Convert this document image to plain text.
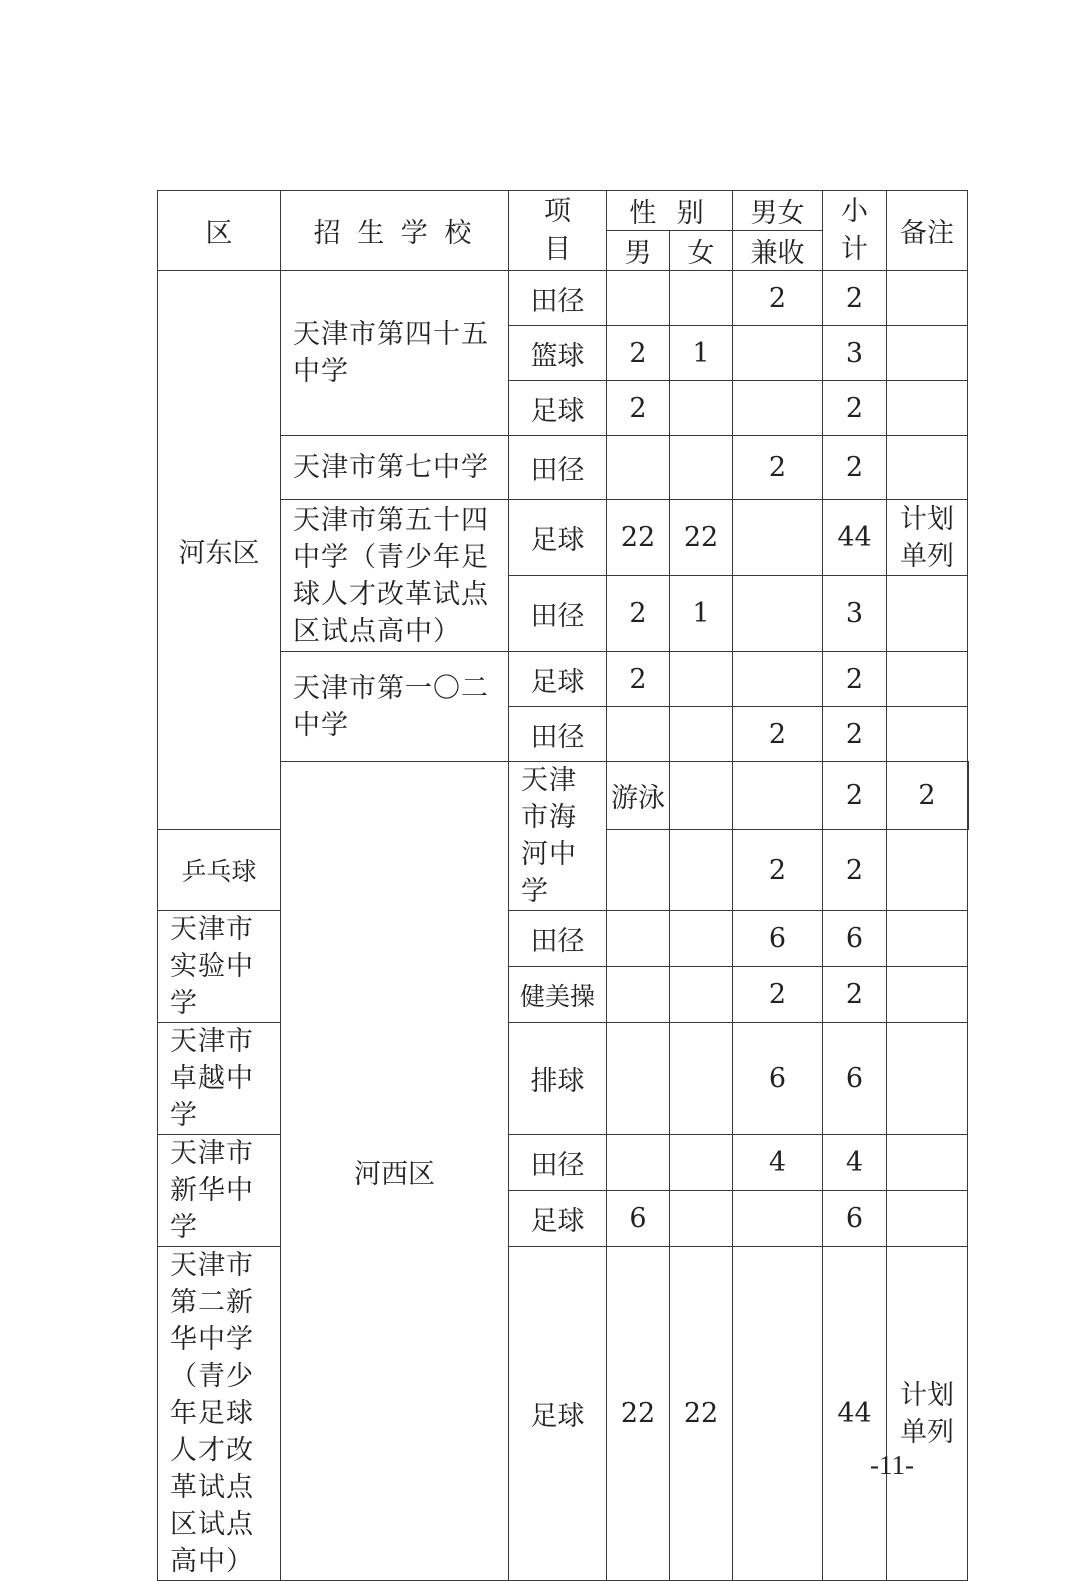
区	招 生 学 校	项目	性 别		男女	小计	备注	
			男	女	兼收			
河东区	天津市第四十五中学	田径			2	2		
		篮球	2	1		3		
		足球	2			2		
	天津市第七中学	田径			2	2		
	天津市第五十四中学（青少年足球人才改革试点区试点高中）	足球	22	22		44	计划单列	
		田径	2	1		3		
	天津市第一〇二中学	足球	2			2		
		田径			2	2		
	河西区	天津市海河中学	游泳			2	2	
乒乓球					2	2		
天津市实验中学		田径			6	6		
		健美操			2	2		
天津市卓越中学		排球			6	6		
天津市新华中学		田径			4	4		
		足球	6			6		
天津市第二新华中学（青少年足球人才改革试点区试点高中）		足球	22	22		44	计划单列	
-11-
